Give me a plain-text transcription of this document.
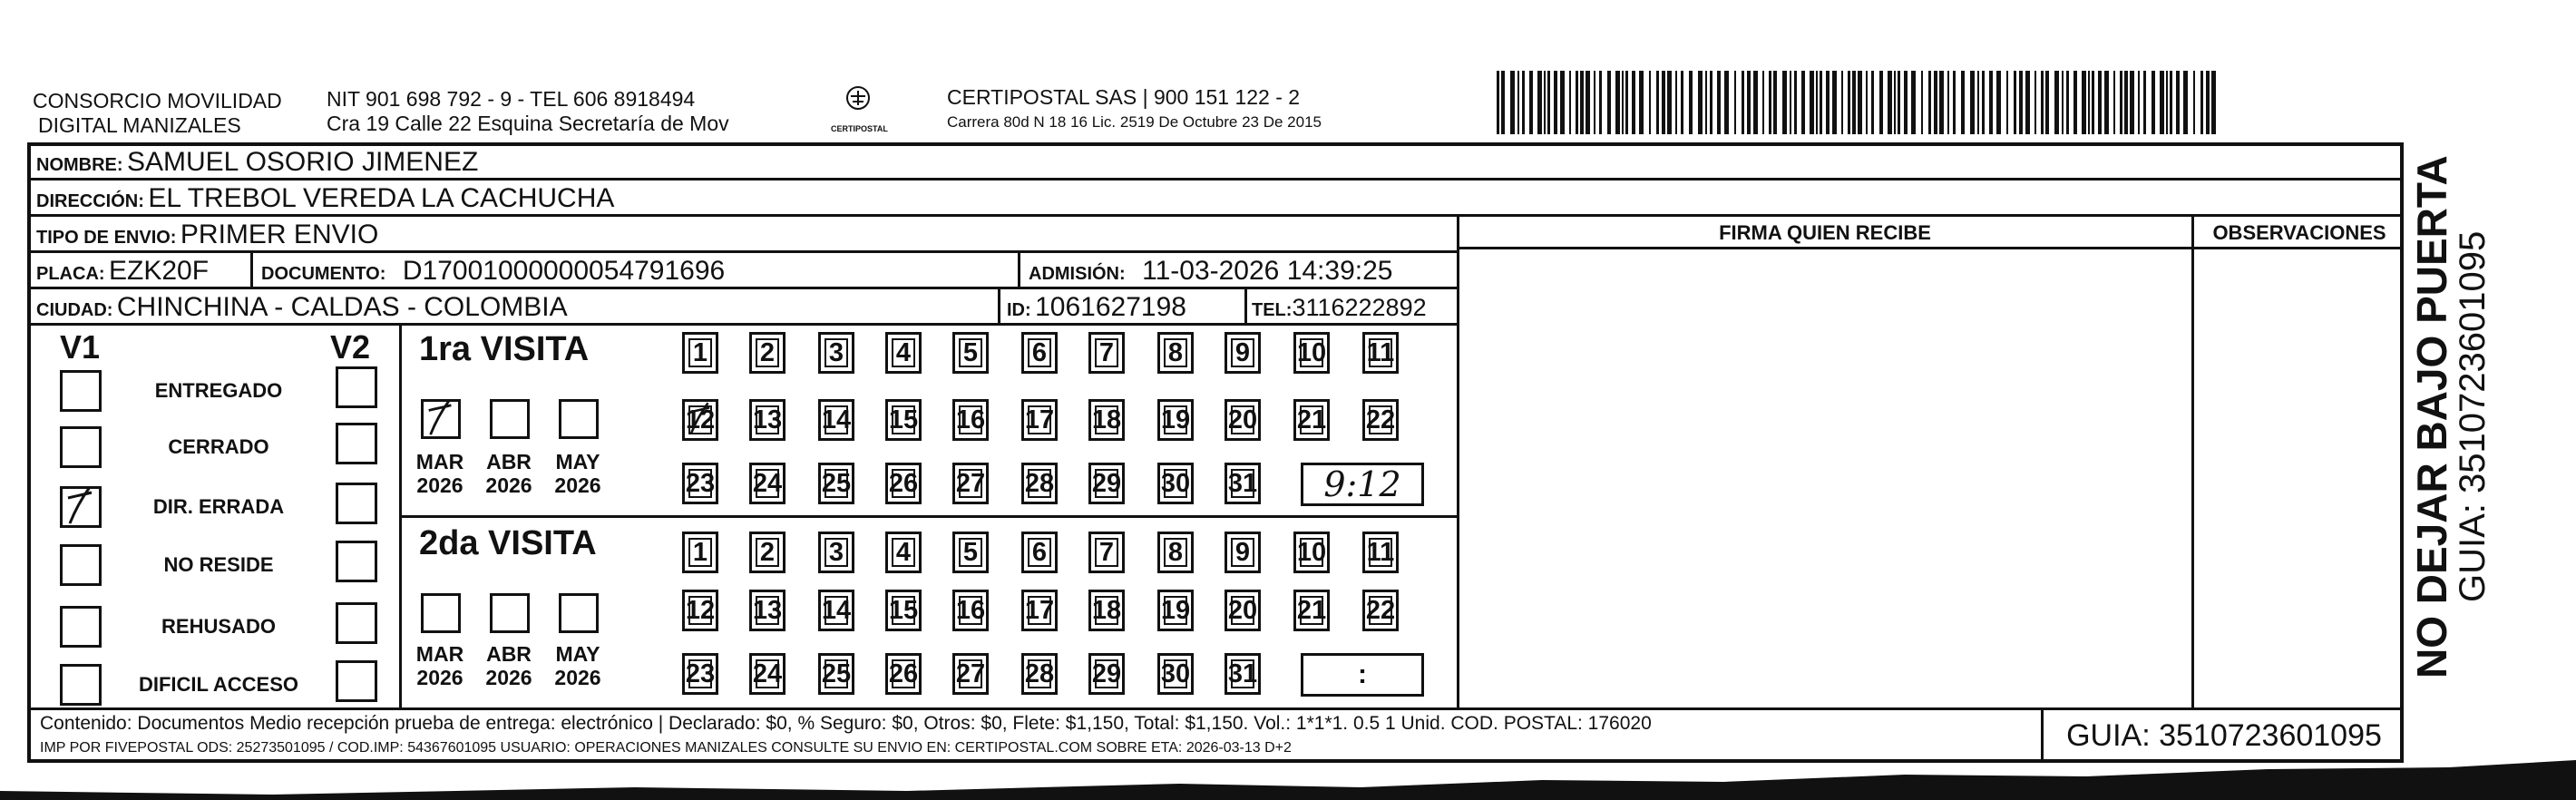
CONSORCIO MOVILIDAD
DIGITAL MANIZALES
NIT 901 698 792 - 9 - TEL 606 8918494
Cra 19 Calle 22 Esquina Secretaría de Mov	CERTIPOSTAL
CERTIPOSTAL SAS | 900 151 122 - 2
Carrera 80d N 18 16 Lic. 2519 De Octubre 23 De 2015
NOMBRE: SAMUEL OSORIO JIMENEZ
DIRECCIÓN: EL TREBOL VEREDA LA CACHUCHA
TIPO DE ENVIO: PRIMER ENVIO
PLACA: EZK20F	DOCUMENTO: D17001000000054791696	ADMISIÓN: 11-03-2026 14:39:25
CIUDAD: CHINCHINA - CALDAS - COLOMBIA	ID: 1061627198	TEL:3116222892
FIRMA QUIEN RECIBE	OBSERVACIONES
V1	V2
ENTREGADO
CERRADO
DIR. ERRADA
NO RESIDE
REHUSADO
DIFICIL ACCESO
1ra VISITA
MAR
2026
ABR
2026
MAY
2026
1 2 3 4 5 6 7 8 9 10 11
12 13 14 15 16 17 18 19 20 21 22
23 24 25 26 27 28 29 30 31 9:12
2da VISITA
MAR
2026
ABR
2026
MAY
2026
1 2 3 4 5 6 7 8 9 10 11
12 13 14 15 16 17 18 19 20 21 22
23 24 25 26 27 28 29 30 31	:
Contenido: Documentos Medio recepción prueba de entrega: electrónico | Declarado: $0, % Seguro: $0, Otros: $0, Flete: $1,150, Total: $1,150. Vol.: 1*1*1. 0.5 1 Unid. COD. POSTAL: 176020
IMP POR FIVEPOSTAL ODS: 25273501095 / COD.IMP: 54367601095 USUARIO: OPERACIONES MANIZALES CONSULTE SU ENVIO EN: CERTIPOSTAL.COM SOBRE ETA: 2026-03-13 D+2	GUIA: 3510723601095
NO DEJAR BAJO PUERTA
GUIA: 3510723601095
